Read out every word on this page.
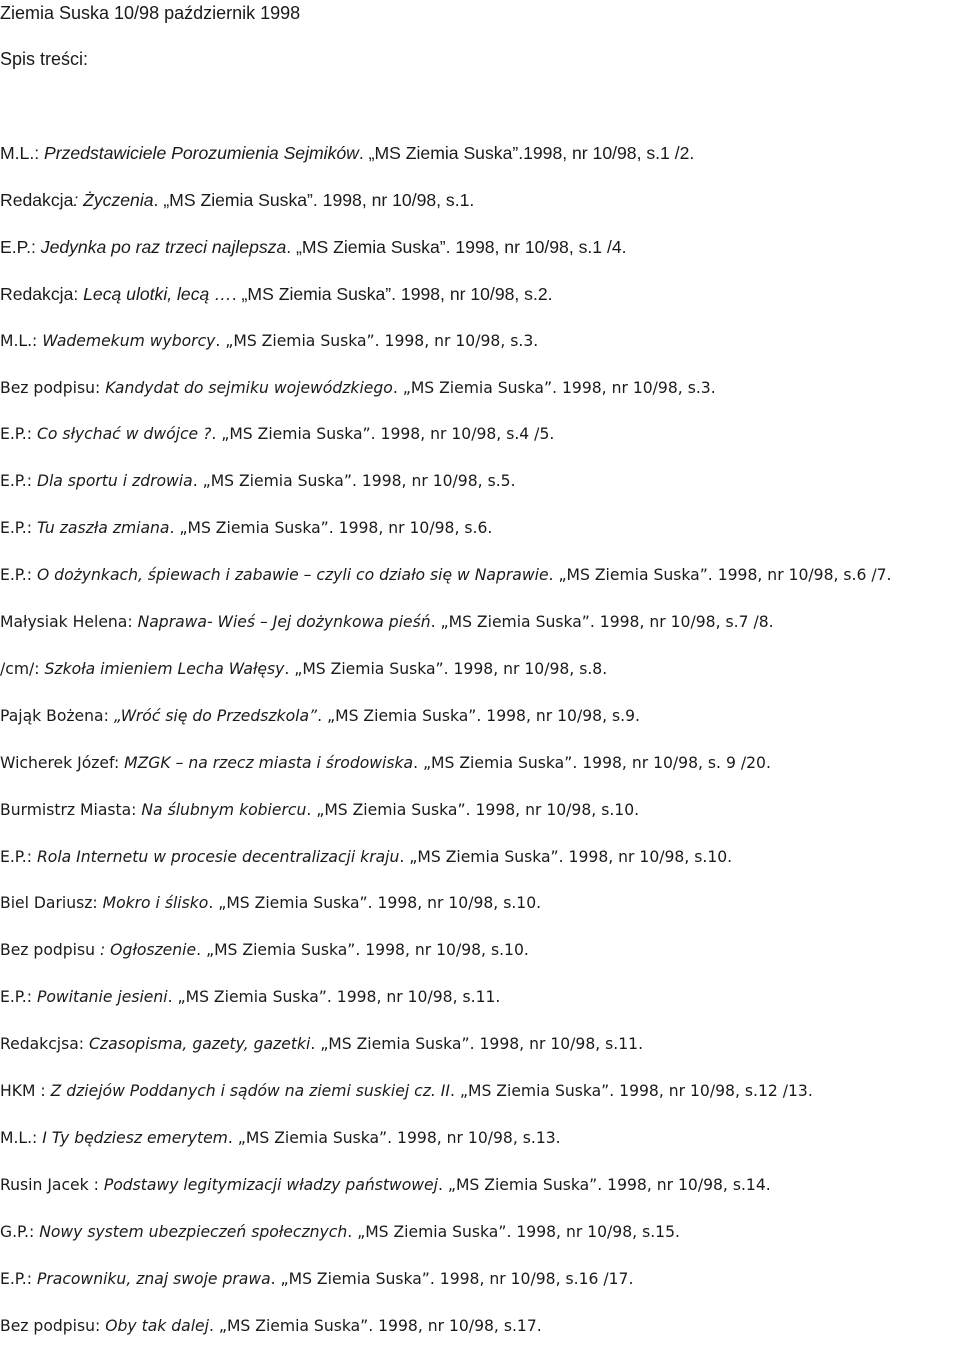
Ziemia Suska 10/98 październik 1998
Spis treści:
M.L.: Przedstawiciele Porozumienia Sejmików. „MS Ziemia Suska”.1998, nr 10/98, s.1 /2.
Redakcja: Życzenia. „MS Ziemia Suska”. 1998, nr 10/98, s.1.
E.P.: Jedynka po raz trzeci najlepsza. „MS Ziemia Suska”. 1998, nr 10/98, s.1 /4.
Redakcja: Lecą ulotki, lecą …. „MS Ziemia Suska”. 1998, nr 10/98, s.2.
M.L.: Wademekum wyborcy. „MS Ziemia Suska”. 1998, nr 10/98, s.3.
Bez podpisu: Kandydat do sejmiku wojewódzkiego. „MS Ziemia Suska”. 1998, nr 10/98, s.3.
E.P.: Co słychać w dwójce ?. „MS Ziemia Suska”. 1998, nr 10/98, s.4 /5.
E.P.: Dla sportu i zdrowia. „MS Ziemia Suska”. 1998, nr 10/98, s.5.
E.P.: Tu zaszła zmiana. „MS Ziemia Suska”. 1998, nr 10/98, s.6.
E.P.: O dożynkach, śpiewach i zabawie – czyli co działo się w Naprawie. „MS Ziemia Suska”. 1998, nr 10/98, s.6 /7.
Małysiak Helena: Naprawa- Wieś – Jej dożynkowa pieśń. „MS Ziemia Suska”. 1998, nr 10/98, s.7 /8.
/cm/: Szkoła imieniem Lecha Wałęsy. „MS Ziemia Suska”. 1998, nr 10/98, s.8.
Pająk Bożena: „Wróć się do Przedszkola”. „MS Ziemia Suska”. 1998, nr 10/98, s.9.
Wicherek Józef: MZGK – na rzecz miasta i środowiska. „MS Ziemia Suska”. 1998, nr 10/98, s. 9 /20.
Burmistrz Miasta: Na ślubnym kobiercu. „MS Ziemia Suska”. 1998, nr 10/98, s.10.
E.P.: Rola Internetu w procesie decentralizacji kraju. „MS Ziemia Suska”. 1998, nr 10/98, s.10.
Biel Dariusz: Mokro i ślisko. „MS Ziemia Suska”. 1998, nr 10/98, s.10.
Bez podpisu : Ogłoszenie. „MS Ziemia Suska”. 1998, nr 10/98, s.10.
E.P.: Powitanie jesieni. „MS Ziemia Suska”. 1998, nr 10/98, s.11.
Redakcjsa: Czasopisma, gazety, gazetki. „MS Ziemia Suska”. 1998, nr 10/98, s.11.
HKM : Z dziejów Poddanych i sądów na ziemi suskiej cz. II. „MS Ziemia Suska”. 1998, nr 10/98, s.12 /13.
M.L.: I Ty będziesz emerytem. „MS Ziemia Suska”. 1998, nr 10/98, s.13.
Rusin Jacek : Podstawy legitymizacji władzy państwowej. „MS Ziemia Suska”. 1998, nr 10/98, s.14.
G.P.: Nowy system ubezpieczeń społecznych. „MS Ziemia Suska”. 1998, nr 10/98, s.15.
E.P.: Pracowniku, znaj swoje prawa. „MS Ziemia Suska”. 1998, nr 10/98, s.16 /17.
Bez podpisu: Oby tak dalej. „MS Ziemia Suska”. 1998, nr 10/98, s.17.
